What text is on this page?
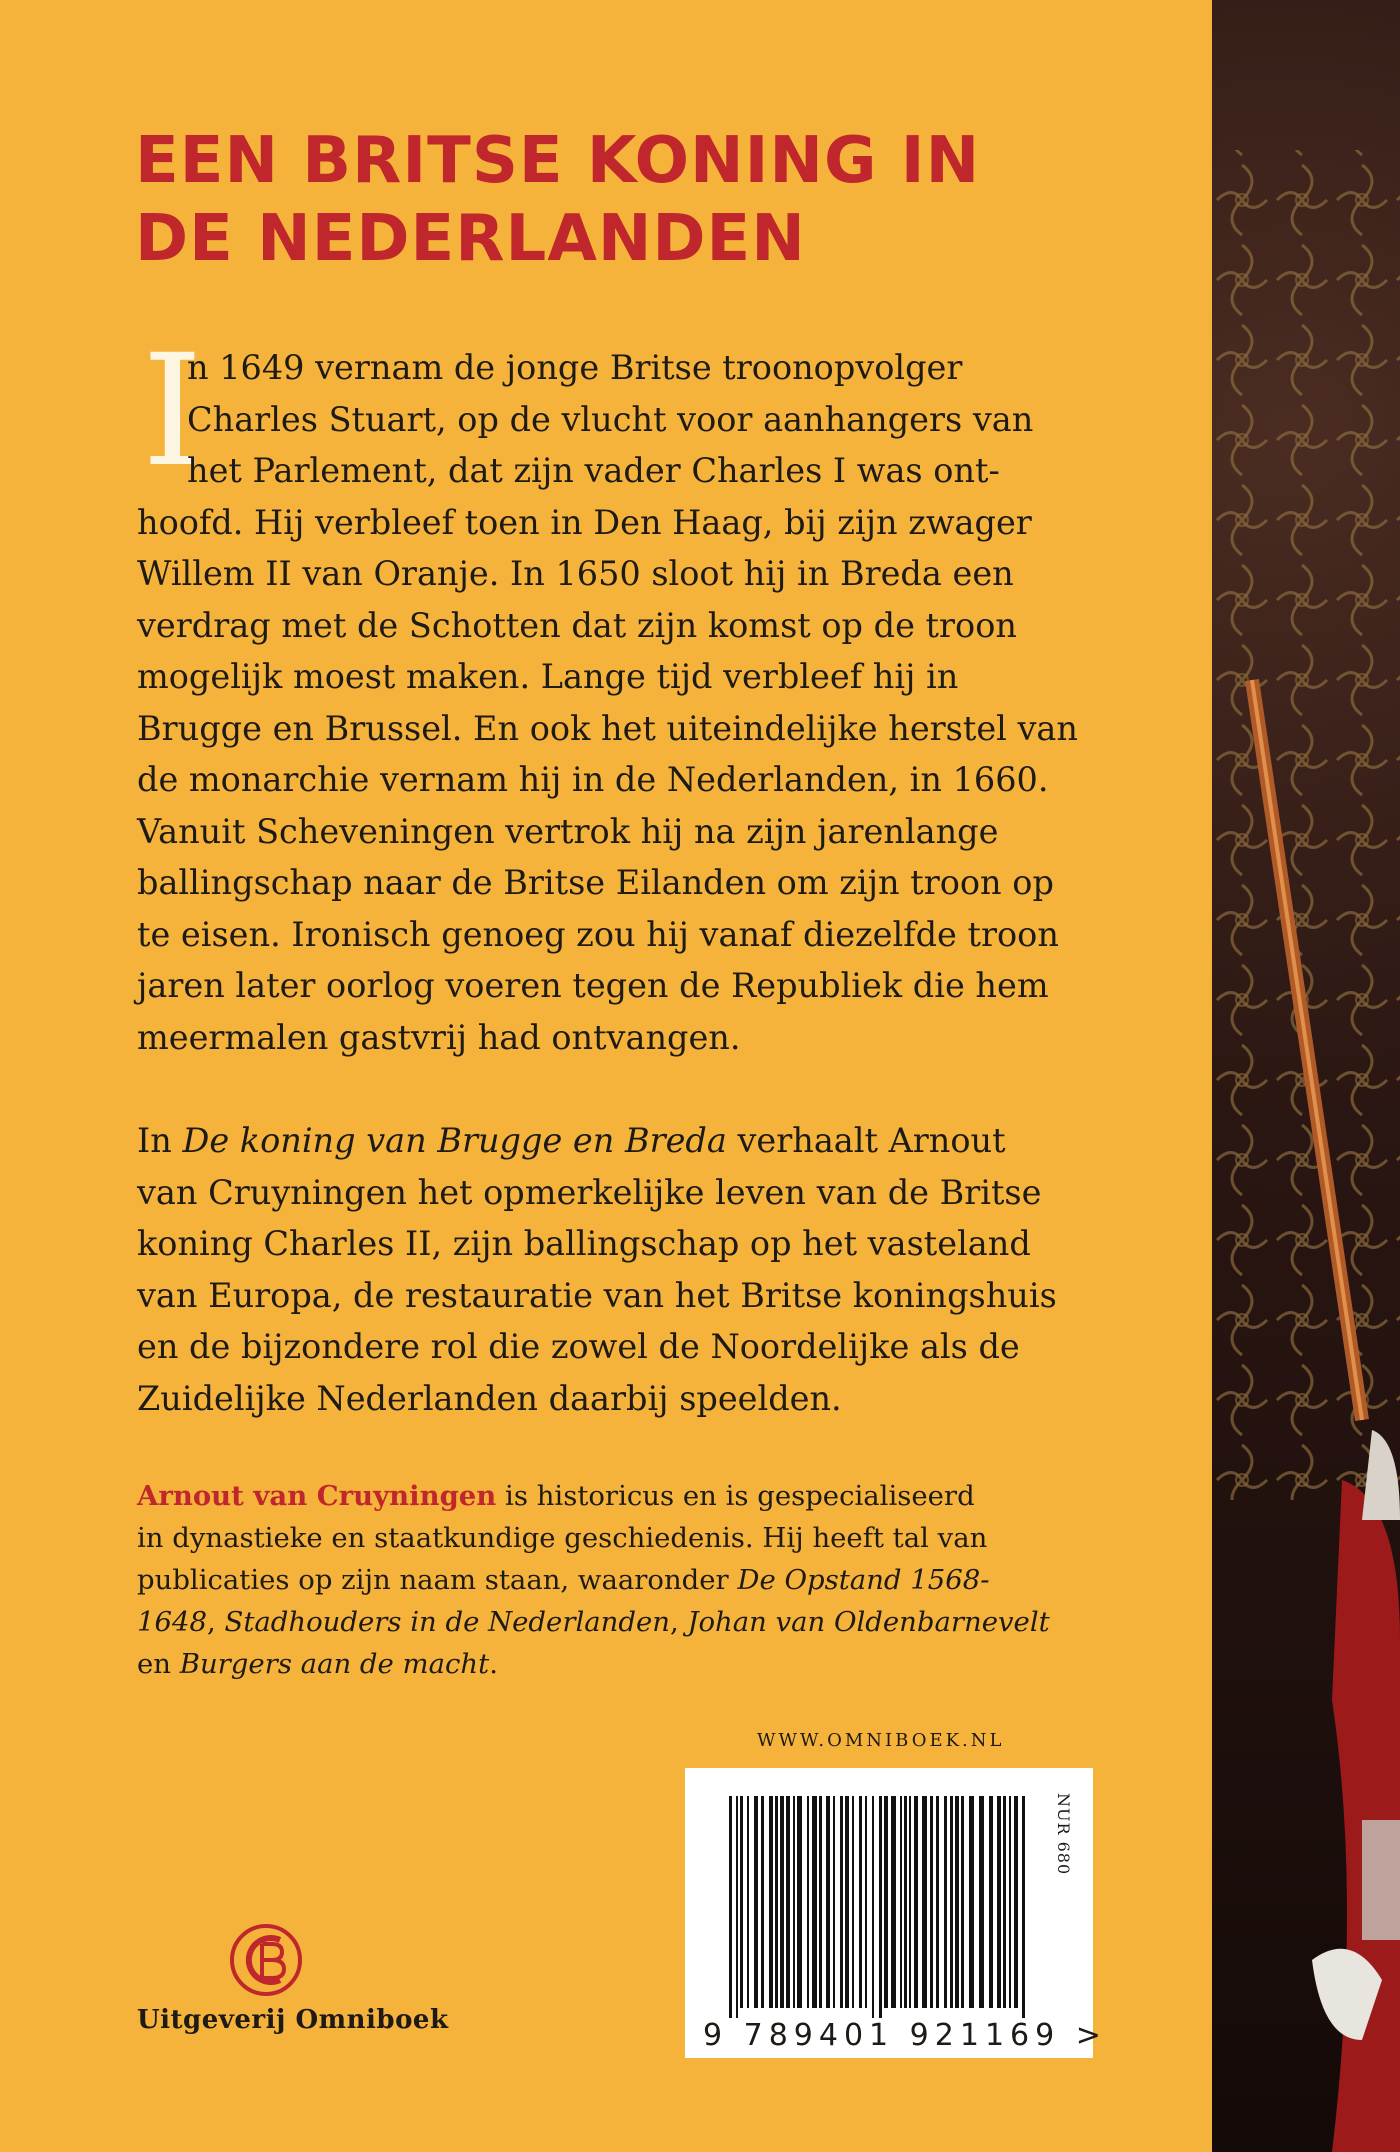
EEN BRITSE KONING IN
DE NEDERLANDEN
I

n 1649 vernam de jonge Britse troonopvolger
Charles Stuart, op de vlucht voor aanhangers van
het Parlement, dat zijn vader Charles I was ont-
hoofd. Hij verbleef toen in Den Haag, bij zijn zwager
Willem II van Oranje. In 1650 sloot hij in Breda een
verdrag met de Schotten dat zijn komst op de troon
mogelijk moest maken. Lange tijd verbleef hij in
Brugge en Brussel. En ook het uiteindelijke herstel van
de monarchie vernam hij in de Nederlanden, in 1660.
Vanuit Scheveningen vertrok hij na zijn jarenlange
ballingschap naar de Britse Eilanden om zijn troon op
te eisen. Ironisch genoeg zou hij vanaf diezelfde troon
jaren later oorlog voeren tegen de Republiek die hem
meermalen gastvrij had ontvangen.

In De koning van Brugge en Breda verhaalt Arnout
van Cruyningen het opmerkelijke leven van de Britse
koning Charles II, zijn ballingschap op het vasteland
van Europa, de restauratie van het Britse koningshuis
en de bijzondere rol die zowel de Noordelijke als de
Zuidelijke Nederlanden daarbij speelden.

Arnout van Cruyningen is historicus en is gespecialiseerd
in dynastieke en staatkundige geschiedenis. Hij heeft tal van
publicaties op zijn naam staan, waaronder De Opstand 1568-
1648, Stadhouders in de Nederlanden, Johan van Oldenbarnevelt
en Burgers aan de macht.

WWW.OMNIBOEK.NL
NUR 680
9 789401 921169 >
Uitgeverij Omniboek
